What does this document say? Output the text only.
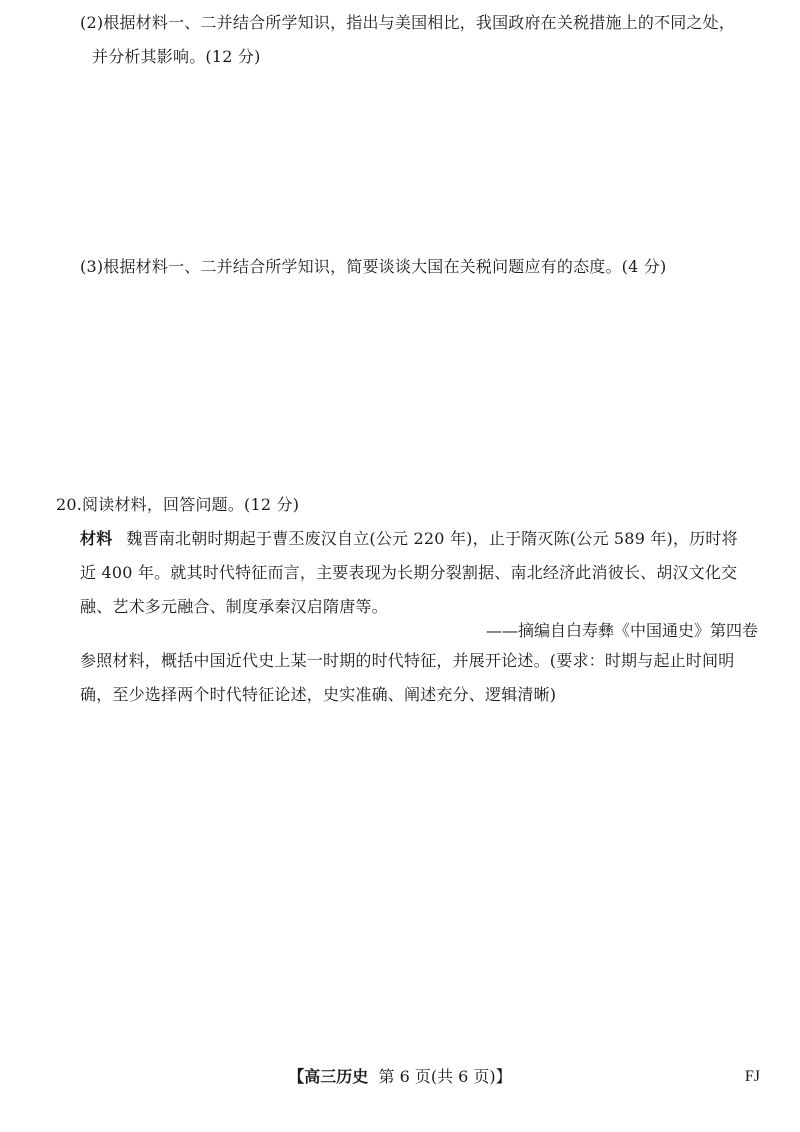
(2)根据材料一、二并结合所学知识，指出与美国相比，我国政府在关税措施上的不同之处，
并分析其影响。(12 分)
(3)根据材料一、二并结合所学知识，简要谈谈大国在关税问题应有的态度。(4 分)
20.阅读材料，回答问题。(12 分)
材料 魏晋南北朝时期起于曹丕废汉自立(公元 220 年)，止于隋灭陈(公元 589 年)，历时将
近 400 年。就其时代特征而言，主要表现为长期分裂割据、南北经济此消彼长、胡汉文化交
融、艺术多元融合、制度承秦汉启隋唐等。
——摘编自白寿彝《中国通史》第四卷
参照材料，概括中国近代史上某一时期的时代特征，并展开论述。(要求：时期与起止时间明
确，至少选择两个时代特征论述，史实准确、阐述充分、逻辑清晰)
【高三历史 第 6 页(共 6 页)】	FJ
